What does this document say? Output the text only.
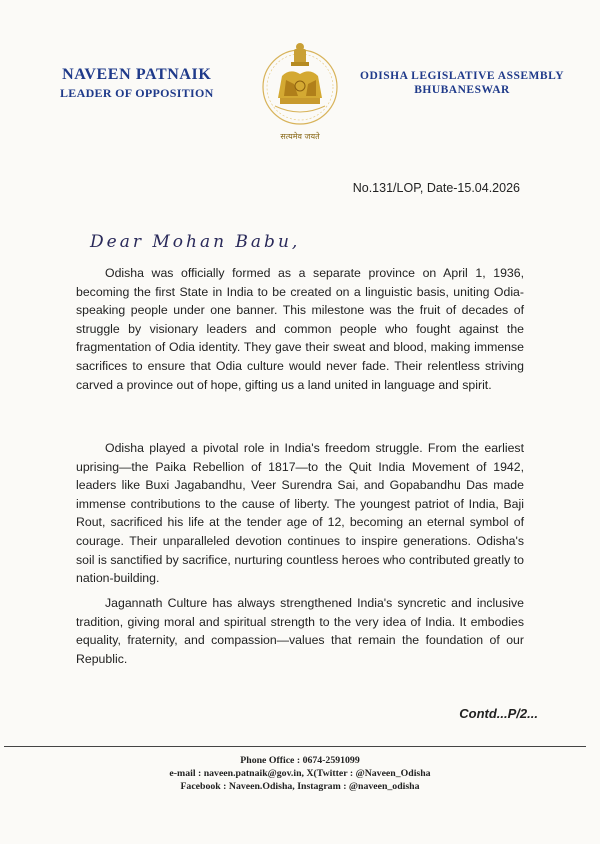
NAVEEN PATNAIK
LEADER OF OPPOSITION
सत्यमेव जयते
ODISHA LEGISLATIVE ASSEMBLY
BHUBANESWAR
No.131/LOP, Date-15.04.2026
Dear Mohan Babu,

Odisha was officially formed as a separate province on April 1, 1936, becoming the first State in India to be created on a linguistic basis, uniting Odia-speaking people under one banner. This milestone was the fruit of decades of struggle by visionary leaders and common people who fought against the fragmentation of Odia identity. They gave their sweat and blood, making immense sacrifices to ensure that Odia culture would never fade. Their relentless striving carved a province out of hope, gifting us a land united in language and spirit.

Odisha played a pivotal role in India's freedom struggle. From the earliest uprising—the Paika Rebellion of 1817—to the Quit India Movement of 1942, leaders like Buxi Jagabandhu, Veer Surendra Sai, and Gopabandhu Das made immense contributions to the cause of liberty. The youngest patriot of India, Baji Rout, sacrificed his life at the tender age of 12, becoming an eternal symbol of courage. Their unparalleled devotion continues to inspire generations. Odisha's soil is sanctified by sacrifice, nurturing countless heroes who contributed greatly to nation-building.

Jagannath Culture has always strengthened India's syncretic and inclusive tradition, giving moral and spiritual strength to the very idea of India. It embodies equality, fraternity, and compassion—values that remain the foundation of our Republic.

Contd...P/2...
Phone Office : 0674-2591099
e-mail : naveen.patnaik@gov.in, X(Twitter : @Naveen_Odisha
Facebook : Naveen.Odisha, Instagram : @naveen_odisha
